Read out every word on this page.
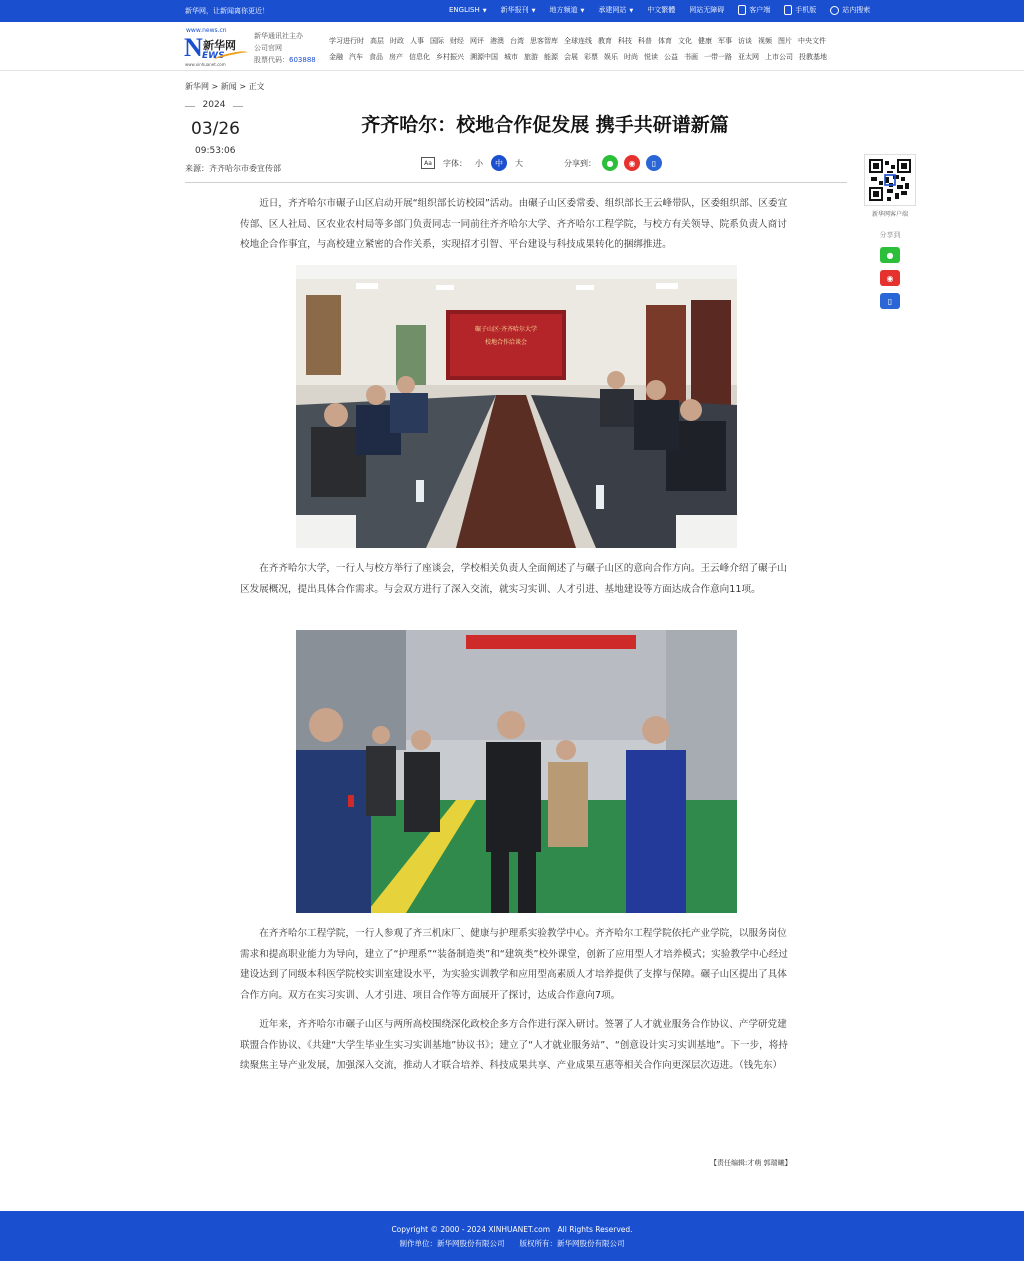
新华网，让新闻离你更近！	ENGLISH ▼ 新华报刊 ▼ 地方频道 ▼ 承建网站 ▼ 中文繁體 网站无障碍	客户端	手机版	站内搜索
www.news.cn
N 新华网
EWS
www.xinhuanet.com
新华通讯社主办
公司官网
股票代码：603888
学习进行时 高层 时政 人事 国际 财经 网评 港澳 台湾 思客智库 全球连线 教育 科技 科普 体育 文化 健康 军事 访谈 视频 图片 中央文件
金融 汽车 食品 房产 信息化 乡村振兴 溯源中国 城市 旅游 能源 会展 彩票 娱乐 时尚 悦读 公益 书画 一带一路 亚太网 上市公司 投教基地
新华网 > 新闻 > 正文
2024
03/26
09:53:06
来源：齐齐哈尔市委宣传部
齐齐哈尔：校地合作促发展 携手共研谱新篇
Aa	字体： 小	中	大	分享到：	●	◉	▯

近日，齐齐哈尔市碾子山区启动开展“组织部长访校园”活动。由碾子山区委常委、组织部长王云峰带队，区委组织部、区委宣传部、区人社局、区农业农村局等多部门负责同志一同前往齐齐哈尔大学、齐齐哈尔工程学院，与校方有关领导、院系负责人商讨校地企合作事宜，与高校建立紧密的合作关系，实现招才引智、平台建设与科技成果转化的捆绑推进。

碾子山区·齐齐哈尔大学
校地合作洽谈会

在齐齐哈尔大学，一行人与校方举行了座谈会，学校相关负责人全面阐述了与碾子山区的意向合作方向。王云峰介绍了碾子山区发展概况，提出具体合作需求。与会双方进行了深入交流，就实习实训、人才引进、基地建设等方面达成合作意向11项。

在齐齐哈尔工程学院，一行人参观了齐三机床厂、健康与护理系实验教学中心。齐齐哈尔工程学院依托产业学院，以服务岗位需求和提高职业能力为导向，建立了“护理系”“装备制造类”和“建筑类”校外课堂，创新了应用型人才培养模式；实验教学中心经过建设达到了同级本科医学院校实训室建设水平，为实验实训教学和应用型高素质人才培养提供了支撑与保障。碾子山区提出了具体合作方向。双方在实习实训、人才引进、项目合作等方面展开了探讨，达成合作意向7项。

近年来，齐齐哈尔市碾子山区与两所高校围绕深化政校企多方合作进行深入研讨。签署了人才就业服务合作协议、产学研党建联盟合作协议、《共建“大学生毕业生实习实训基地”协议书》；建立了“人才就业服务站”、“创意设计实习实训基地”。下一步，将持续聚焦主导产业发展，加强深入交流，推动人才联合培养、科技成果共享、产业成果互惠等相关合作向更深层次迈进。（钱先东）

【责任编辑:才萌 郭瑞曦】
新华网客户端
分享到
●
◉
▯
Copyright © 2000 - 2024 XINHUANET.com　All Rights Reserved.
制作单位：新华网股份有限公司　　版权所有：新华网股份有限公司
